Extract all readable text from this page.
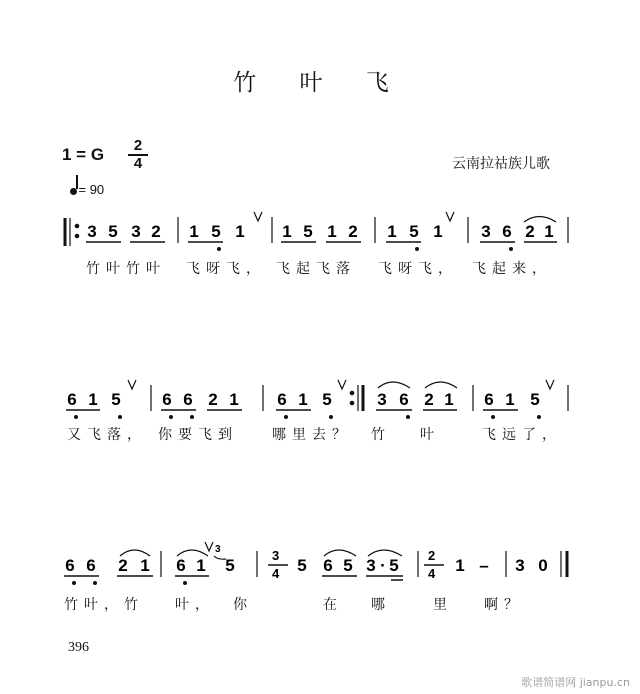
竹 叶 飞
1 = G	2
4	云南拉祜族儿歌
= 90
3 5 3 2 1 5 1 1 5 1 2 1 5 1 3 6 2 1
6 1 5 6 6 2 1 6 1 5	3 6 2 1 6 1 5
6 6 2 1 6 1 5	5 6 5 3 · 5	1 – 3 0
3	3
4
2
4
竹叶竹叶 飞呀飞， 飞起飞落 飞呀飞， 飞起来，
又飞落， 你要飞到 哪里去？ 竹 叶	飞远了，
竹叶，竹 叶， 你	在 哪	里 啊？
396
歌谱简谱网 jianpu.cn
